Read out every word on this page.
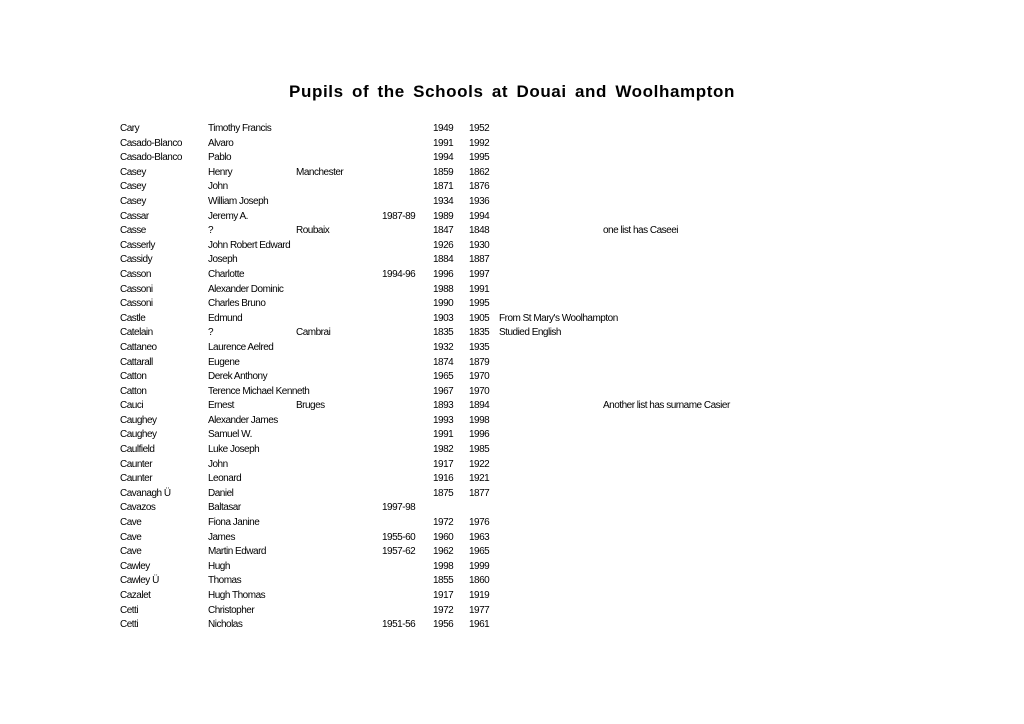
Pupils of the Schools at Douai and Woolhampton
Cary	Timothy Francis	1949 1952
Casado-Blanco	Alvaro	1991 1992
Casado-Blanco	Pablo	1994 1995
Casey	Henry	Manchester	1859 1862
Casey	John	1871 1876
Casey	William Joseph	1934 1936
Cassar	Jeremy A.	1987-89 1989 1994
Casse	?	Roubaix	1847 1848	one list has Caseei
Casserly	John Robert Edward	1926 1930
Cassidy	Joseph	1884 1887
Casson	Charlotte	1994-96 1996 1997
Cassoni	Alexander Dominic	1988 1991
Cassoni	Charles Bruno	1990 1995
Castle	Edmund	1903 1905 From St Mary's Woolhampton
Catelain	?	Cambrai	1835 1835 Studied English
Cattaneo	Laurence Aelred	1932 1935
Cattarall	Eugene	1874 1879
Catton	Derek Anthony	1965 1970
Catton	Terence Michael Kenneth	1967 1970
Cauci	Ernest	Bruges	1893 1894	Another list has surname Casier
Caughey	Alexander James	1993 1998
Caughey	Samuel W.	1991 1996
Caulfield	Luke Joseph	1982 1985
Caunter	John	1917 1922
Caunter	Leonard	1916 1921
Cavanagh Ü	Daniel	1875 1877
Cavazos	Baltasar	1997-98
Cave	Fiona Janine	1972 1976
Cave	James	1955-60 1960 1963
Cave	Martin Edward	1957-62 1962 1965
Cawley	Hugh	1998 1999
Cawley Ü	Thomas	1855 1860
Cazalet	Hugh Thomas	1917 1919
Cetti	Christopher	1972 1977
Cetti	Nicholas	1951-56 1956 1961
